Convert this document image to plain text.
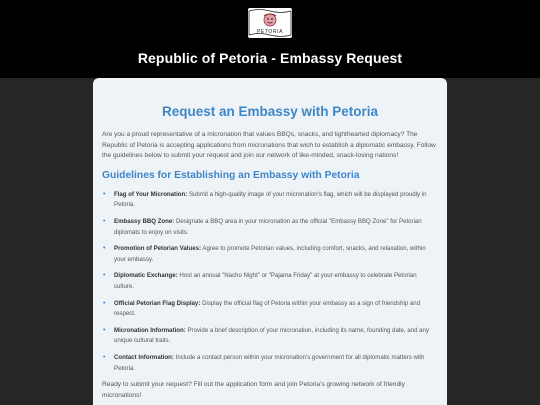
PETORIA
Republic of Petoria - Embassy Request
Request an Embassy with Petoria

Are you a proud representative of a micronation that values BBQs, snacks, and lighthearted diplomacy? The Republic of Petoria is accepting applications from micronations that wish to establish a diplomatic embassy. Follow the guidelines below to submit your request and join our network of like-minded, snack-loving nations!

Guidelines for Establishing an Embassy with Petoria
• Flag of Your Micronation: Submit a high-quality image of your micronation's flag, which will be displayed proudly in Petoria.
• Embassy BBQ Zone: Designate a BBQ area in your micronation as the official "Embassy BBQ Zone" for Petorian diplomats to enjoy on visits.
• Promotion of Petorian Values: Agree to promote Petorian values, including comfort, snacks, and relaxation, within your embassy.
• Diplomatic Exchange: Host an annual "Nacho Night" or "Pajama Friday" at your embassy to celebrate Petorian culture.
• Official Petorian Flag Display: Display the official flag of Petoria within your embassy as a sign of friendship and respect.
• Micronation Information: Provide a brief description of your micronation, including its name, founding date, and any unique cultural traits.
• Contact Information: Include a contact person within your micronation's government for all diplomatic matters with Petoria.

Ready to submit your request? Fill out the application form and join Petoria's growing network of friendly micronations!
